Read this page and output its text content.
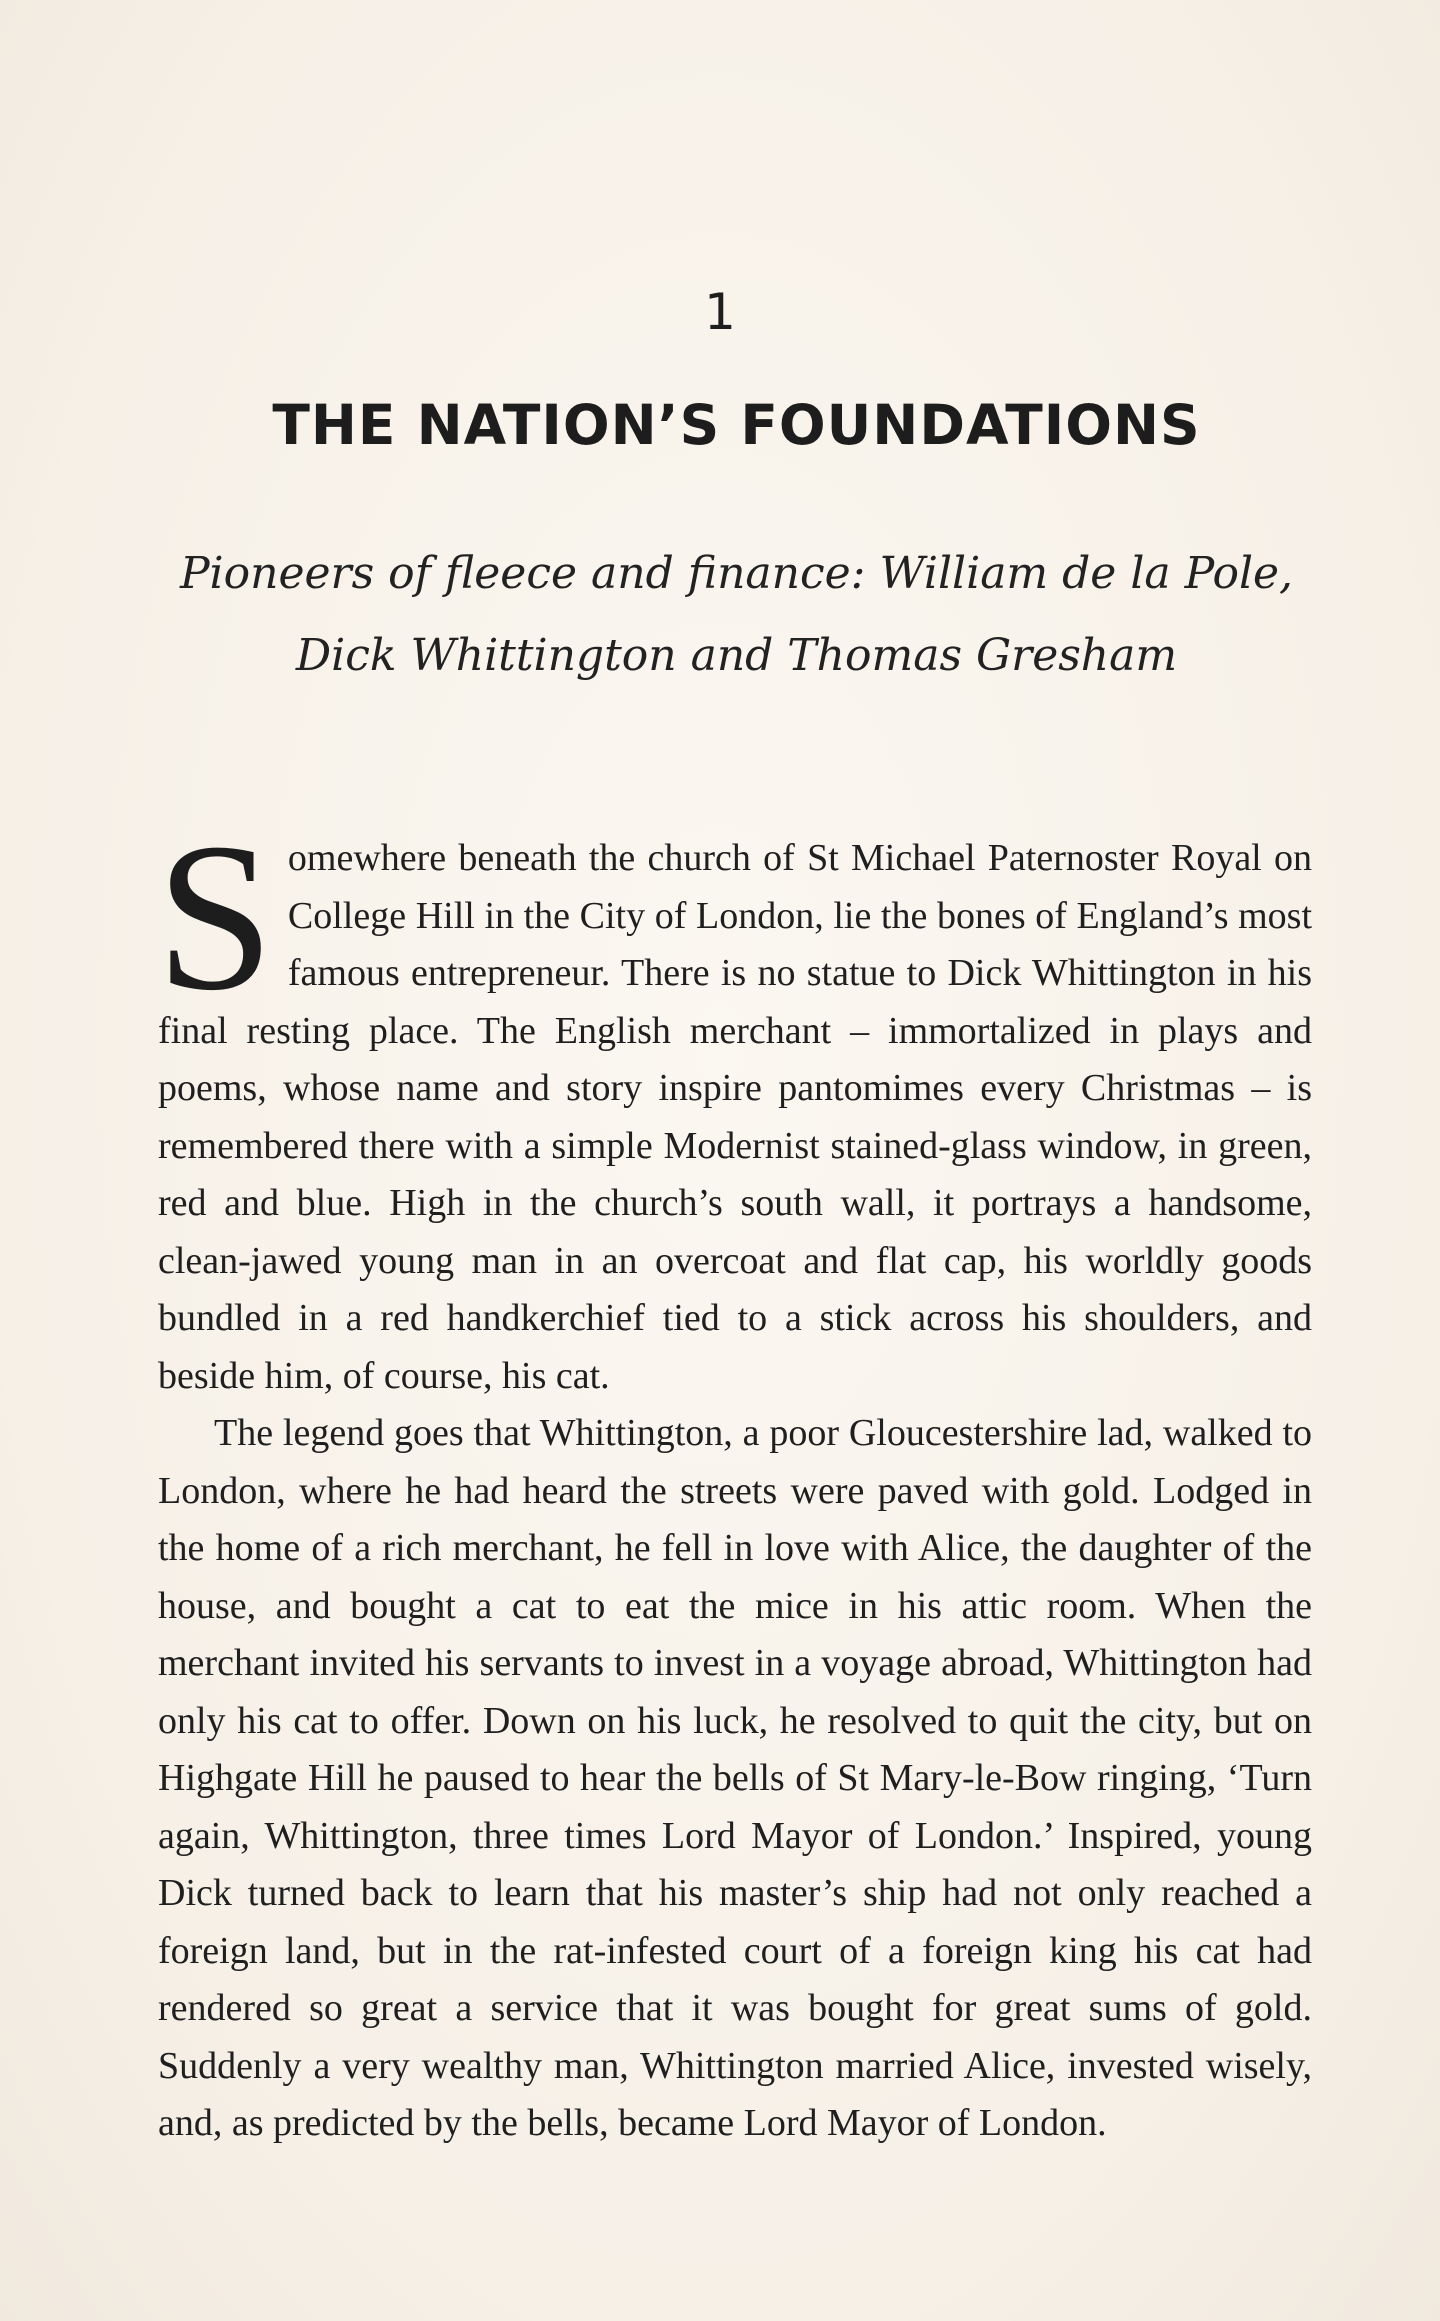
1
THE NATION’S FOUNDATIONS
Pioneers of fleece and finance: William de la Pole,
Dick Whittington and Thomas Gresham

Somewhere beneath the church of St Michael Paternoster Royal on College Hill in the City of London, lie the bones of England’s most famous entrepreneur. There is no statue to Dick Whittington in his final resting place. The English merchant – immortalized in plays and poems, whose name and story inspire pantomimes every Christmas – is remembered there with a simple Modernist stained-glass window, in green, red and blue. High in the church’s south wall, it portrays a handsome, clean-jawed young man in an overcoat and flat cap, his worldly goods bundled in a red handkerchief tied to a stick across his shoulders, and beside him, of course, his cat.

The legend goes that Whittington, a poor Gloucestershire lad, walked to London, where he had heard the streets were paved with gold. Lodged in the home of a rich merchant, he fell in love with Alice, the daughter of the house, and bought a cat to eat the mice in his attic room. When the merchant invited his servants to invest in a voyage abroad, Whittington had only his cat to offer. Down on his luck, he resolved to quit the city, but on Highgate Hill he paused to hear the bells of St Mary-le-Bow ringing, ‘Turn again, Whittington, three times Lord Mayor of London.’ Inspired, young Dick turned back to learn that his master’s ship had not only reached a foreign land, but in the rat-infested court of a foreign king his cat had rendered so great a service that it was bought for great sums of gold. Suddenly a very wealthy man, Whittington married Alice, invested wisely, and, as predicted by the bells, became Lord Mayor of London.
